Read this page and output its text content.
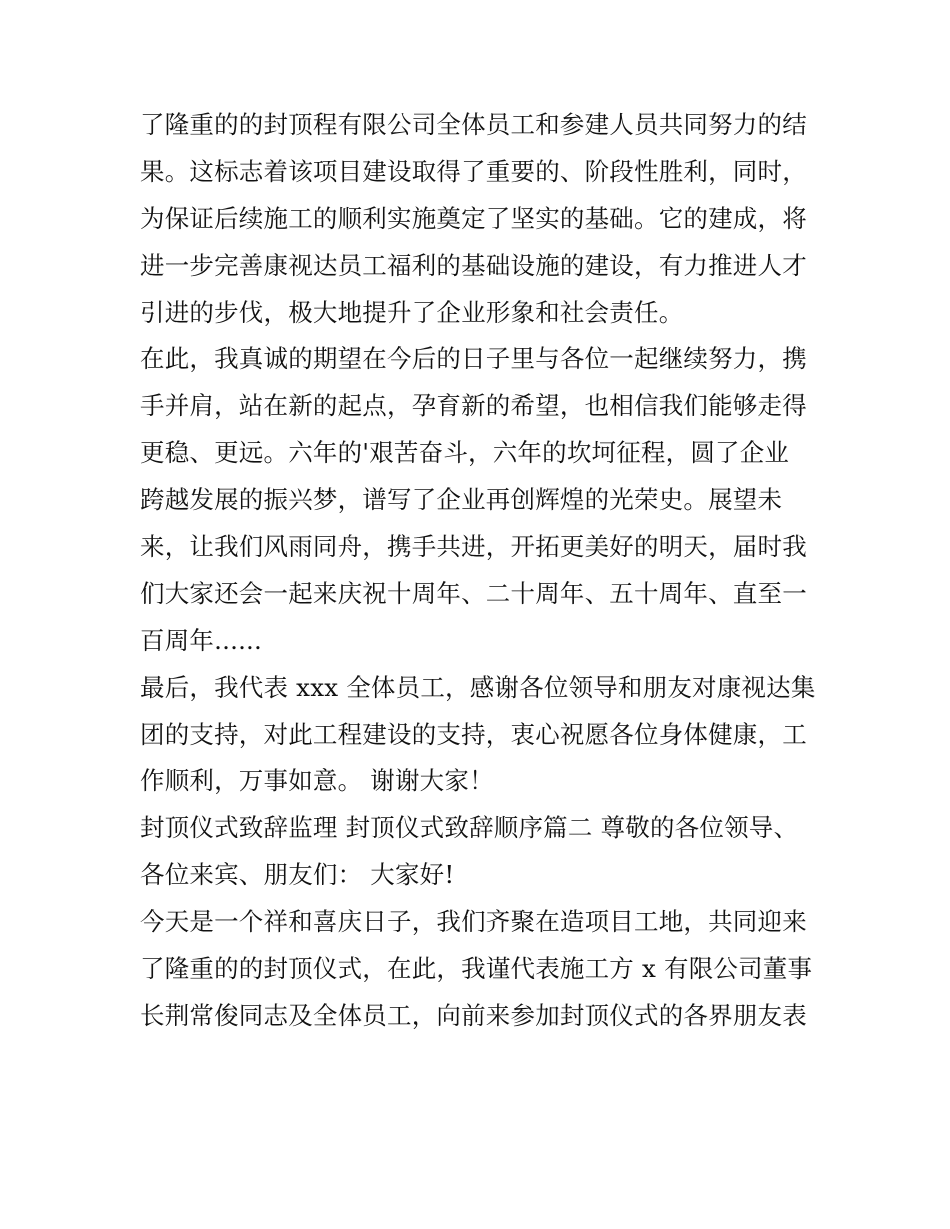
了隆重的的封顶程有限公司全体员工和参建人员共同努力的结
果。这标志着该项目建设取得了重要的、阶段性胜利，同时，
为保证后续施工的顺利实施奠定了坚实的基础。它的建成，将
进一步完善康视达员工福利的基础设施的建设，有力推进人才
引进的步伐，极大地提升了企业形象和社会责任。
在此，我真诚的期望在今后的日子里与各位一起继续努力，携
手并肩，站在新的起点，孕育新的希望，也相信我们能够走得
更稳、更远。六年的'艰苦奋斗，六年的坎坷征程，圆了企业
跨越发展的振兴梦，谱写了企业再创辉煌的光荣史。展望未
来，让我们风雨同舟，携手共进，开拓更美好的明天，届时我
们大家还会一起来庆祝十周年、二十周年、五十周年、直至一
百周年......
最后，我代表 xxx 全体员工，感谢各位领导和朋友对康视达集
团的支持，对此工程建设的支持，衷心祝愿各位身体健康，工
作顺利，万事如意。 谢谢大家！
封顶仪式致辞监理 封顶仪式致辞顺序篇二 尊敬的各位领导、
各位来宾、朋友们： 大家好!
今天是一个祥和喜庆日子，我们齐聚在造项目工地，共同迎来
了隆重的的封顶仪式，在此，我谨代表施工方 x 有限公司董事
长荆常俊同志及全体员工，向前来参加封顶仪式的各界朋友表
